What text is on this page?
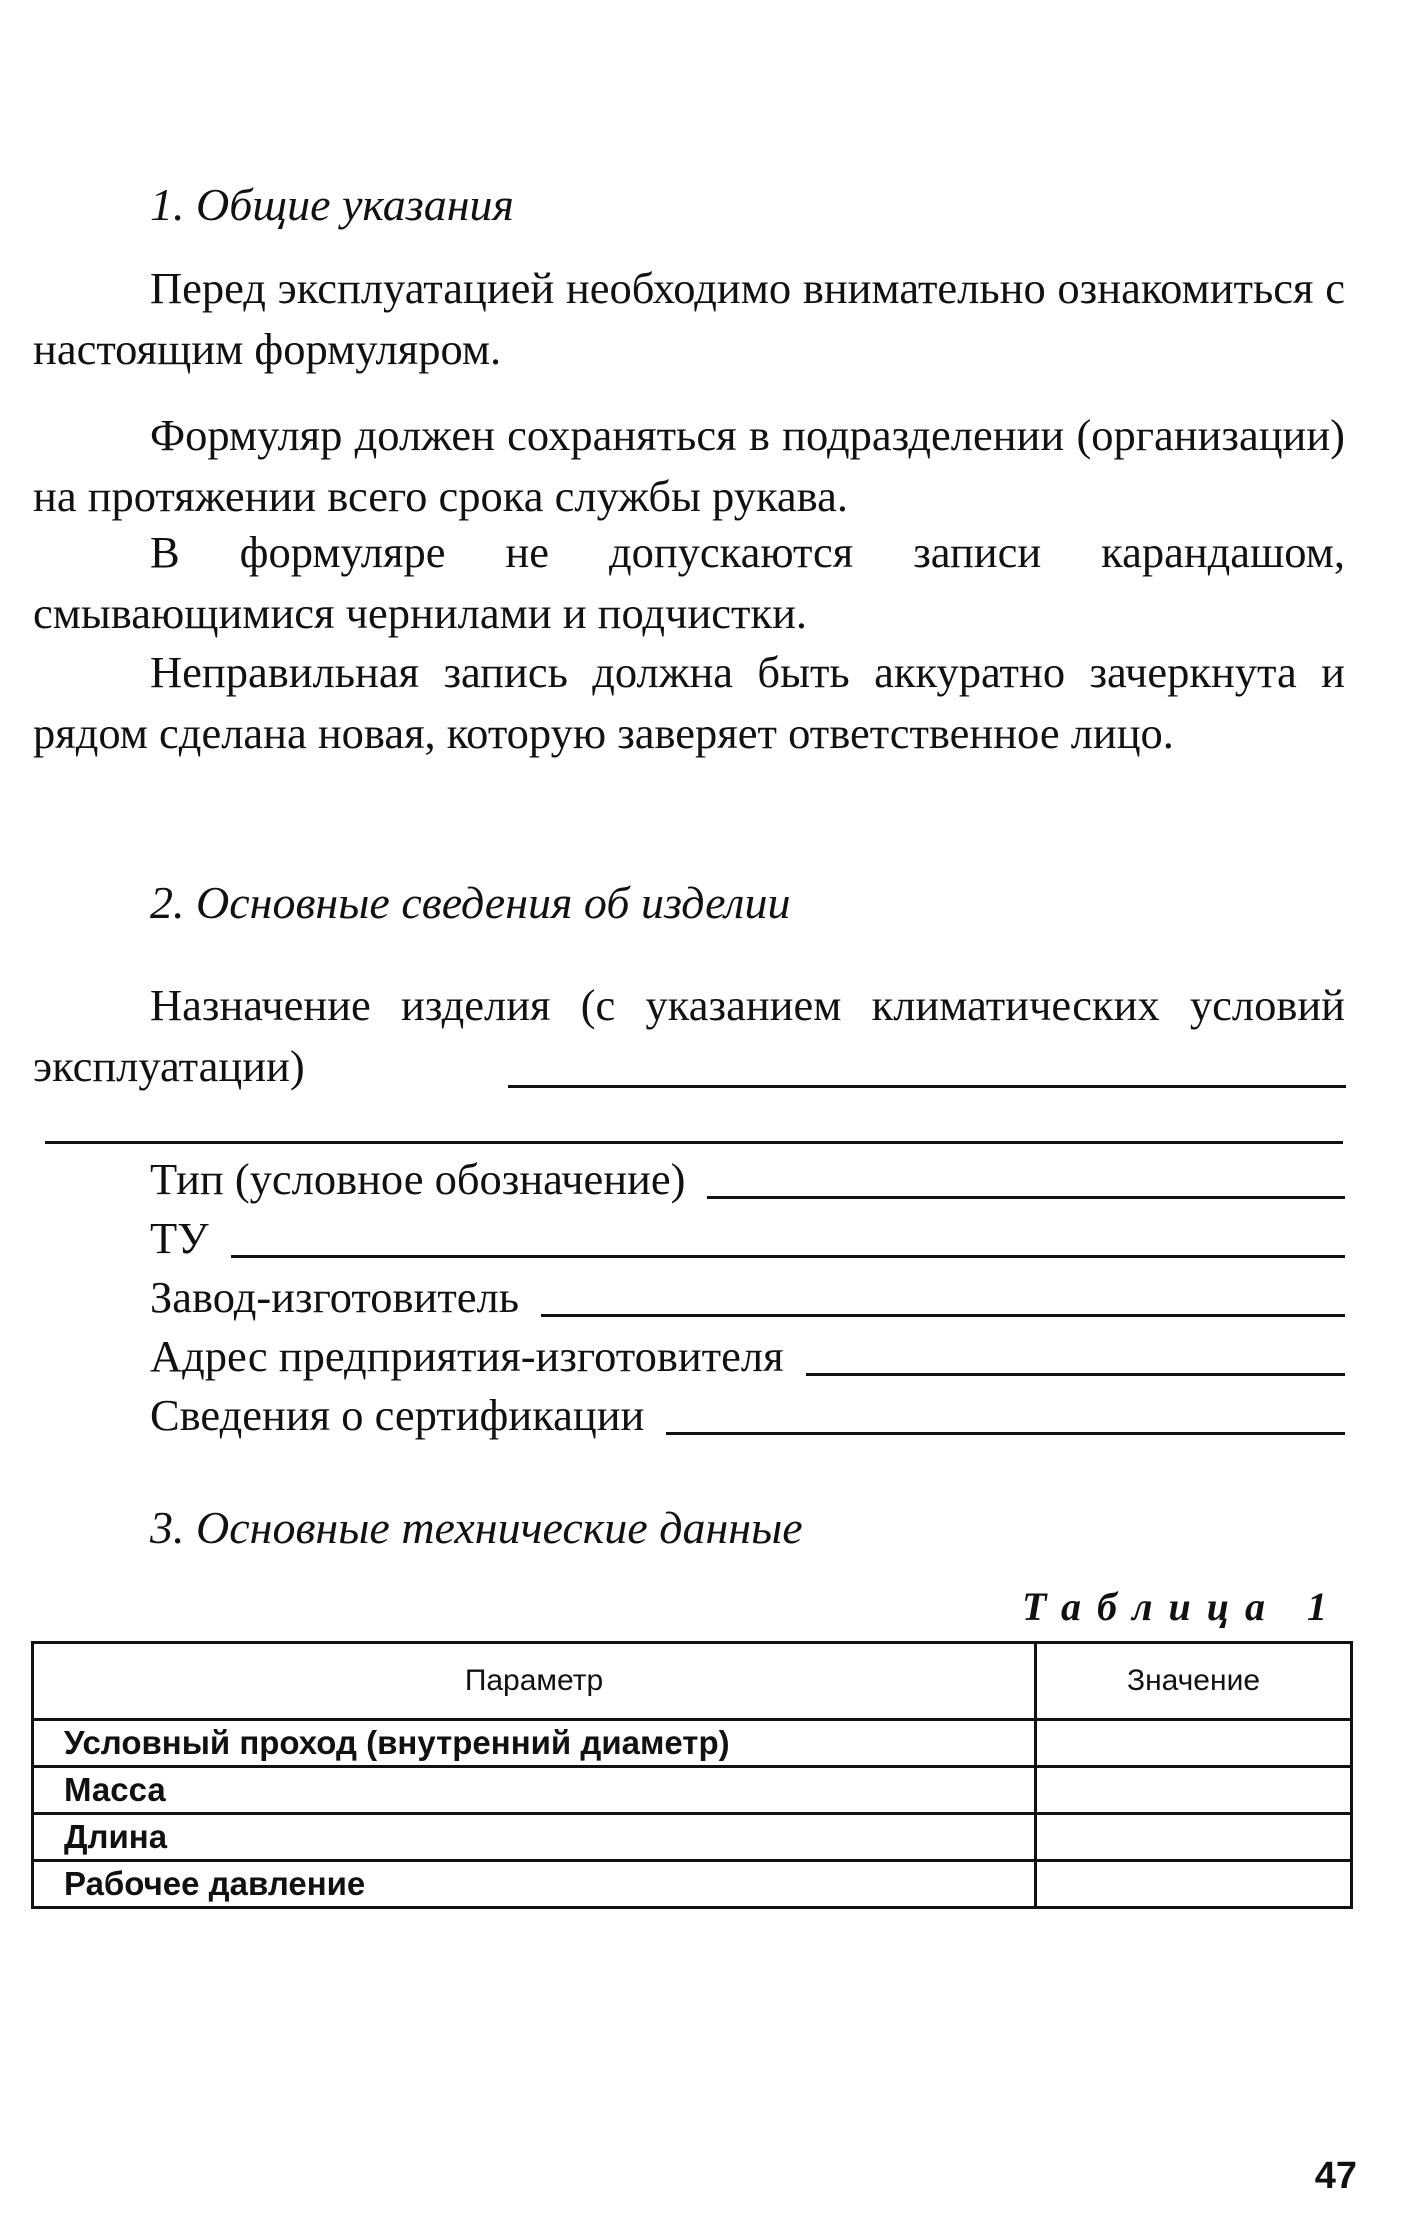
1. Общие указания
Перед эксплуатацией необходимо внимательно ознакомиться с настоящим формуляром.
Формуляр должен сохраняться в подразделении (организации) на протяжении всего срока службы рукава.
В формуляре не допускаются записи карандашом, смывающимися чернилами и подчистки.
Неправильная запись должна быть аккуратно зачеркнута и рядом сделана новая, которую заверяет ответственное лицо.
2. Основные сведения об изделии
Назначение изделия (с указанием климатических условий эксплуатации)
Тип (условное обозначение)
ТУ
Завод-изготовитель
Адрес предприятия-изготовителя
Сведения о сертификации
3. Основные технические данные
Таблица 1
Параметр	Значение
Условный проход (внутренний диаметр)	
Масса	
Длина	
Рабочее давление	
47
